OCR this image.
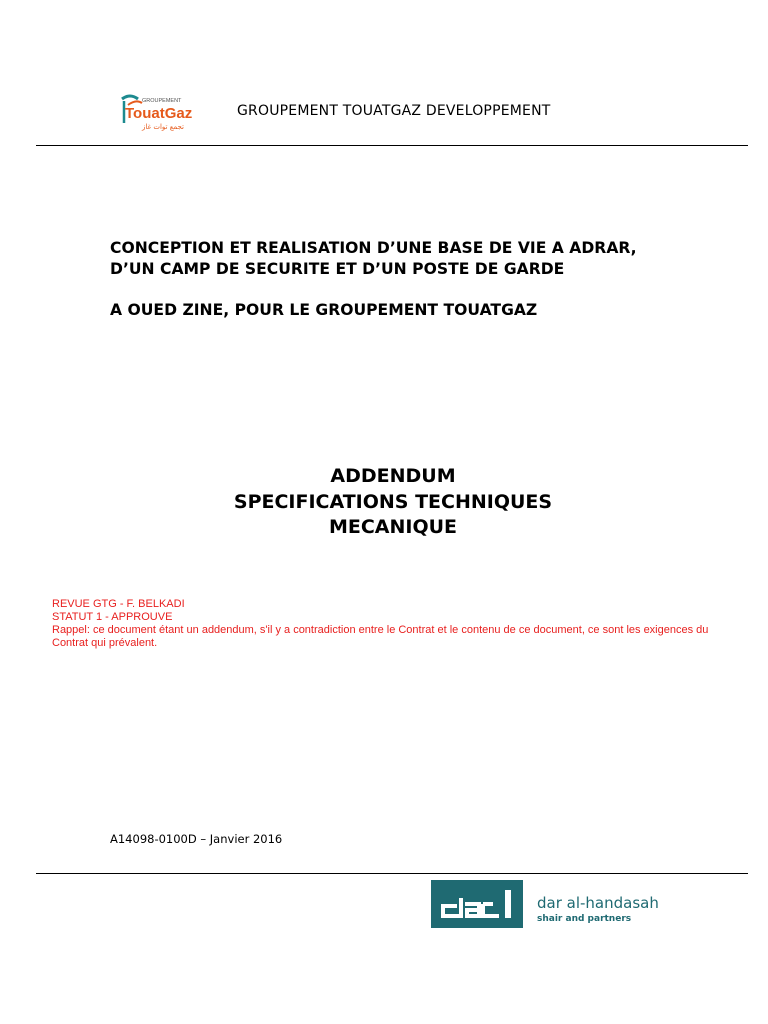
GROUPEMENT
TouatGaz
تجمع توات غاز
GROUPEMENT TOUATGAZ DEVELOPPEMENT

CONCEPTION ET REALISATION D’UNE BASE DE VIE A ADRAR, D’UN CAMP DE SECURITE ET D’UN POSTE DE GARDE

A OUED ZINE, POUR LE GROUPEMENT TOUATGAZ

ADDENDUM
SPECIFICATIONS TECHNIQUES
MECANIQUE
REVUE GTG - F. BELKADI
STATUT 1 - APPROUVE
Rappel: ce document étant un addendum, s'il y a contradiction entre le Contrat et le contenu de ce document, ce sont les exigences du Contrat qui prévalent.
A14098-0100D – Janvier 2016
dar al-handasah
shair and partners
